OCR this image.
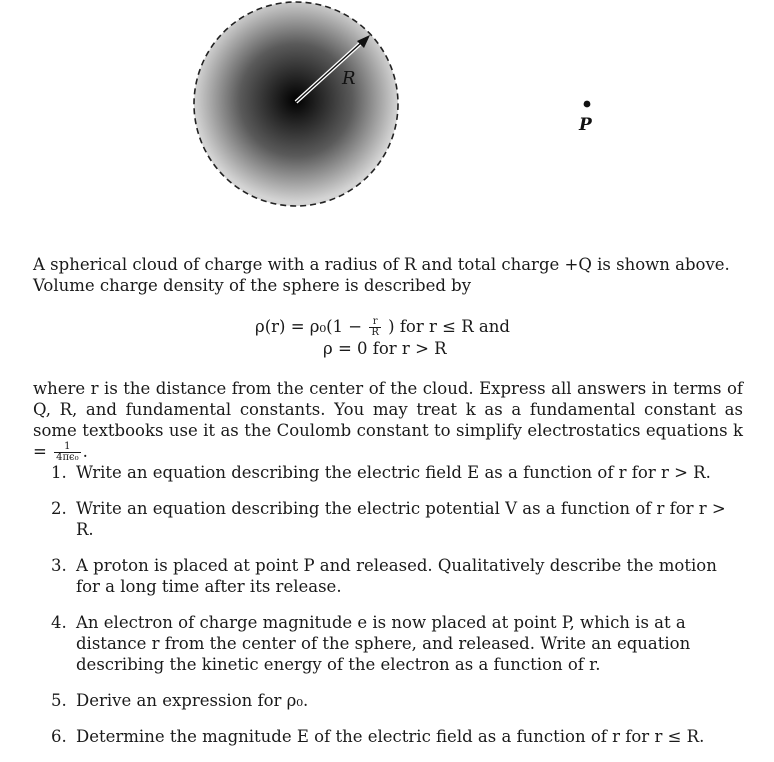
R
P

A spherical cloud of charge with a radius of R and total charge +Q is shown above.

Volume charge density of the sphere is described by

$\rho(r) = \rho_0(1 - \frac{r}{R}$ ) for r ≤ R and
ρ = 0 for r > R

where r is the distance from the center of the cloud. Express all answers in terms of Q, R, and fundamental constants. You may treat k as a fundamental constant as some textbooks use it as the Coulomb constant to simplify electrostatics equations $k = \frac{1}{\text{4πϵ₀}}$ .

1. Write an equation describing the electric field E as a function of r for r > R.
2. Write an equation describing the electric potential V as a function of r for r > R.
3. A proton is placed at point P and released. Qualitatively describe the motion for a long time after its release.
4. An electron of charge magnitude e is now placed at point P, which is at a distance r from the center of the sphere, and released. Write an equation describing the kinetic energy of the electron as a function of r.
5. Derive an expression for ρ₀.
6. Determine the magnitude E of the electric field as a function of r for r ≤ R.
